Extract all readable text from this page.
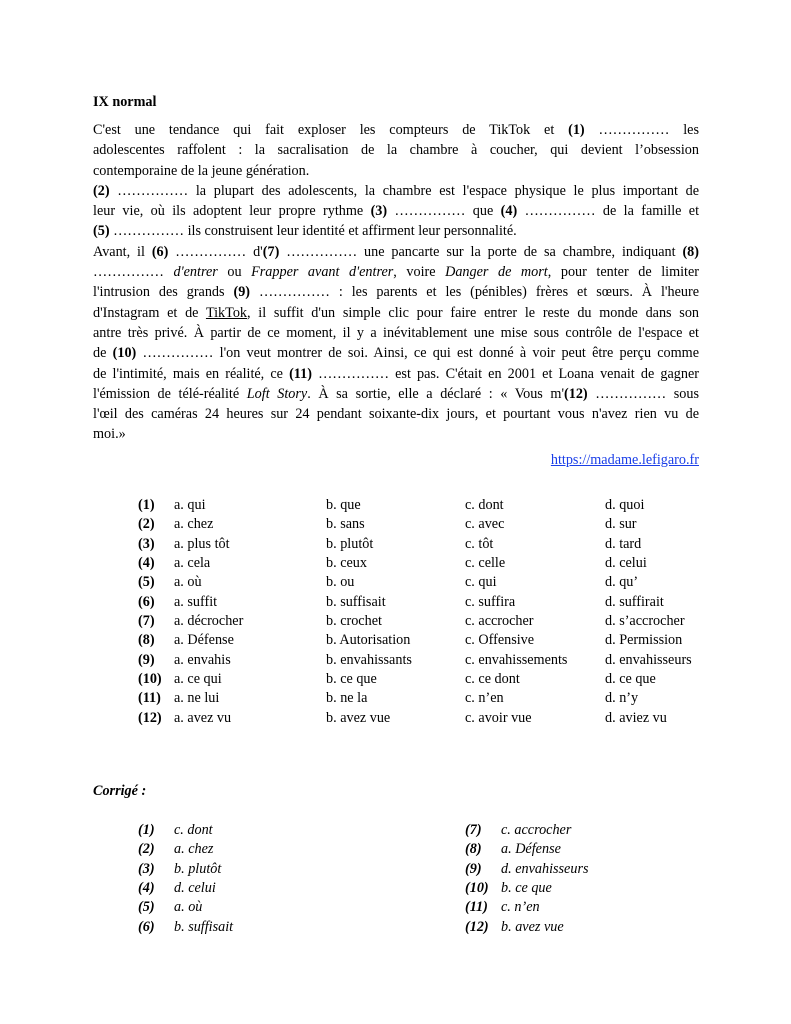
IX normal
C'est une tendance qui fait exploser les compteurs de TikTok et (1) …………… les
adolescentes raffolent : la sacralisation de la chambre à coucher, qui devient l’obsession
contemporaine de la jeune génération.
(2) …………… la plupart des adolescents, la chambre est l'espace physique le plus important de
leur vie, où ils adoptent leur propre rythme (3) …………… que (4) …………… de la famille et
(5) …………… ils construisent leur identité et affirment leur personnalité.
Avant, il (6) …………… d'(7) …………… une pancarte sur la porte de sa chambre, indiquant (8)
…………… d'entrer ou Frapper avant d'entrer, voire Danger de mort, pour tenter de limiter
l'intrusion des grands (9) …………… : les parents et les (pénibles) frères et sœurs. À l'heure
d'Instagram et de TikTok, il suffit d'un simple clic pour faire entrer le reste du monde dans son
antre très privé. À partir de ce moment, il y a inévitablement une mise sous contrôle de l'espace et
de (10) …………… l'on veut montrer de soi. Ainsi, ce qui est donné à voir peut être perçu comme
de l'intimité, mais en réalité, ce (11) …………… est pas. C'était en 2001 et Loana venait de gagner
l'émission de télé-réalité Loft Story. À sa sortie, elle a déclaré : « Vous m'(12) …………… sous
l'œil des caméras 24 heures sur 24 pendant soixante-dix jours, et pourtant vous n'avez rien vu de
moi.»
https://madame.lefigaro.fr
(1)	a. qui	b. que	c. dont	d. quoi
(2)	a. chez	b. sans	c. avec	d. sur
(3)	a. plus tôt	b. plutôt	c. tôt	d. tard
(4)	a. cela	b. ceux	c. celle	d. celui
(5)	a. où	b. ou	c. qui	d. qu’
(6)	a. suffit	b. suffisait	c. suffira	d. suffirait
(7)	a. décrocher	b. crochet	c. accrocher	d. s’accrocher
(8)	a. Défense	b. Autorisation	c. Offensive	d. Permission
(9)	a. envahis	b. envahissants	c. envahissements	d. envahisseurs
(10)	a. ce qui	b. ce que	c. ce dont	d. ce que
(11)	a. ne lui	b. ne la	c. n’en	d. n’y
(12)	a. avez vu	b. avez vue	c. avoir vue	d. aviez vu
Corrigé :
(1)	c. dont
(2)	a. chez
(3)	b. plutôt
(4)	d. celui
(5)	a. où
(6)	b. suffisait
(7)	c. accrocher
(8)	a. Défense
(9)	d. envahisseurs
(10)	b. ce que
(11)	c. n’en
(12)	b. avez vue
